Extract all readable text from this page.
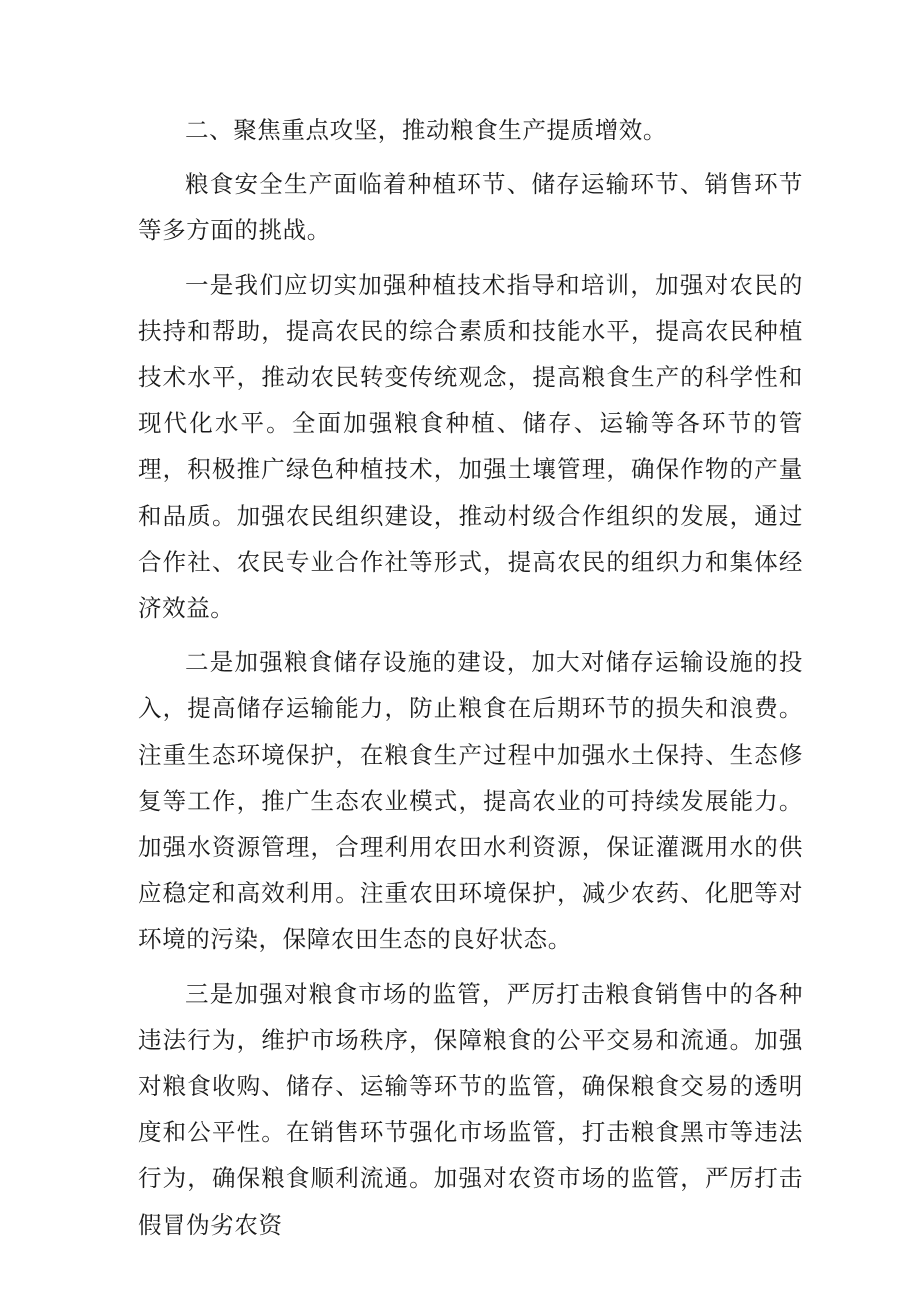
二、聚焦重点攻坚，推动粮食生产提质增效。

粮食安全生产面临着种植环节、储存运输环节、销售环节等多方面的挑战。

一是我们应切实加强种植技术指导和培训，加强对农民的扶持和帮助，提高农民的综合素质和技能水平，提高农民种植技术水平，推动农民转变传统观念，提高粮食生产的科学性和现代化水平。全面加强粮食种植、储存、运输等各环节的管理，积极推广绿色种植技术，加强土壤管理，确保作物的产量和品质。加强农民组织建设，推动村级合作组织的发展，通过合作社、农民专业合作社等形式，提高农民的组织力和集体经济效益。

二是加强粮食储存设施的建设，加大对储存运输设施的投入，提高储存运输能力，防止粮食在后期环节的损失和浪费。注重生态环境保护，在粮食生产过程中加强水土保持、生态修复等工作，推广生态农业模式，提高农业的可持续发展能力。加强水资源管理，合理利用农田水利资源，保证灌溉用水的供应稳定和高效利用。注重农田环境保护，减少农药、化肥等对环境的污染，保障农田生态的良好状态。

三是加强对粮食市场的监管，严厉打击粮食销售中的各种违法行为，维护市场秩序，保障粮食的公平交易和流通。加强对粮食收购、储存、运输等环节的监管，确保粮食交易的透明度和公平性。在销售环节强化市场监管，打击粮食黑市等违法行为，确保粮食顺利流通。加强对农资市场的监管，严厉打击假冒伪劣农资
